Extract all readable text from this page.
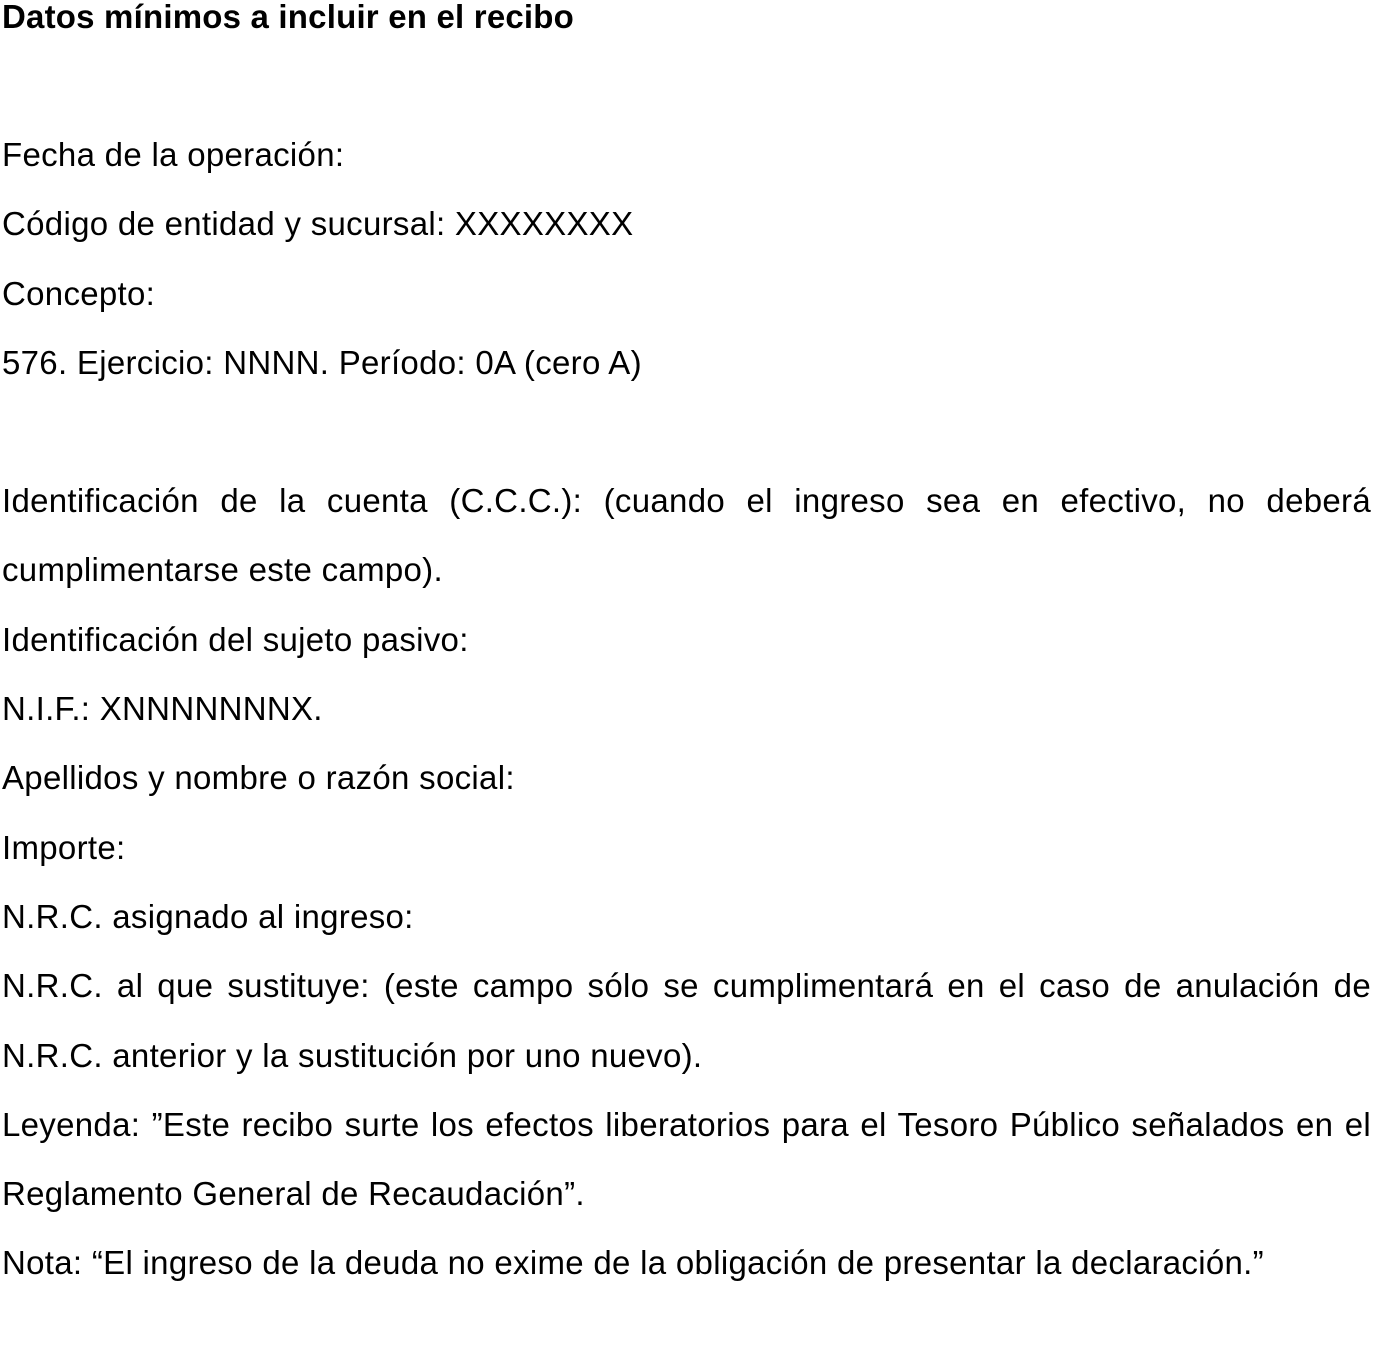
Datos mínimos a incluir en el recibo

Fecha de la operación:

Código de entidad y sucursal: XXXXXXXX

Concepto:

576. Ejercicio: NNNN. Período: 0A (cero A)

Identificación de la cuenta (C.C.C.): (cuando el ingreso sea en efectivo, no deberá cumplimentarse este campo).

Identificación del sujeto pasivo:

N.I.F.: XNNNNNNNX.

Apellidos y nombre o razón social:

Importe:

N.R.C. asignado al ingreso:

N.R.C. al que sustituye: (este campo sólo se cumplimentará en el caso de anulación de N.R.C. anterior y la sustitución por uno nuevo).

Leyenda: ”Este recibo surte los efectos liberatorios para el Tesoro Público señalados en el Reglamento General de Recaudación”.

Nota: “El ingreso de la deuda no exime de la obligación de presentar la declaración.”
